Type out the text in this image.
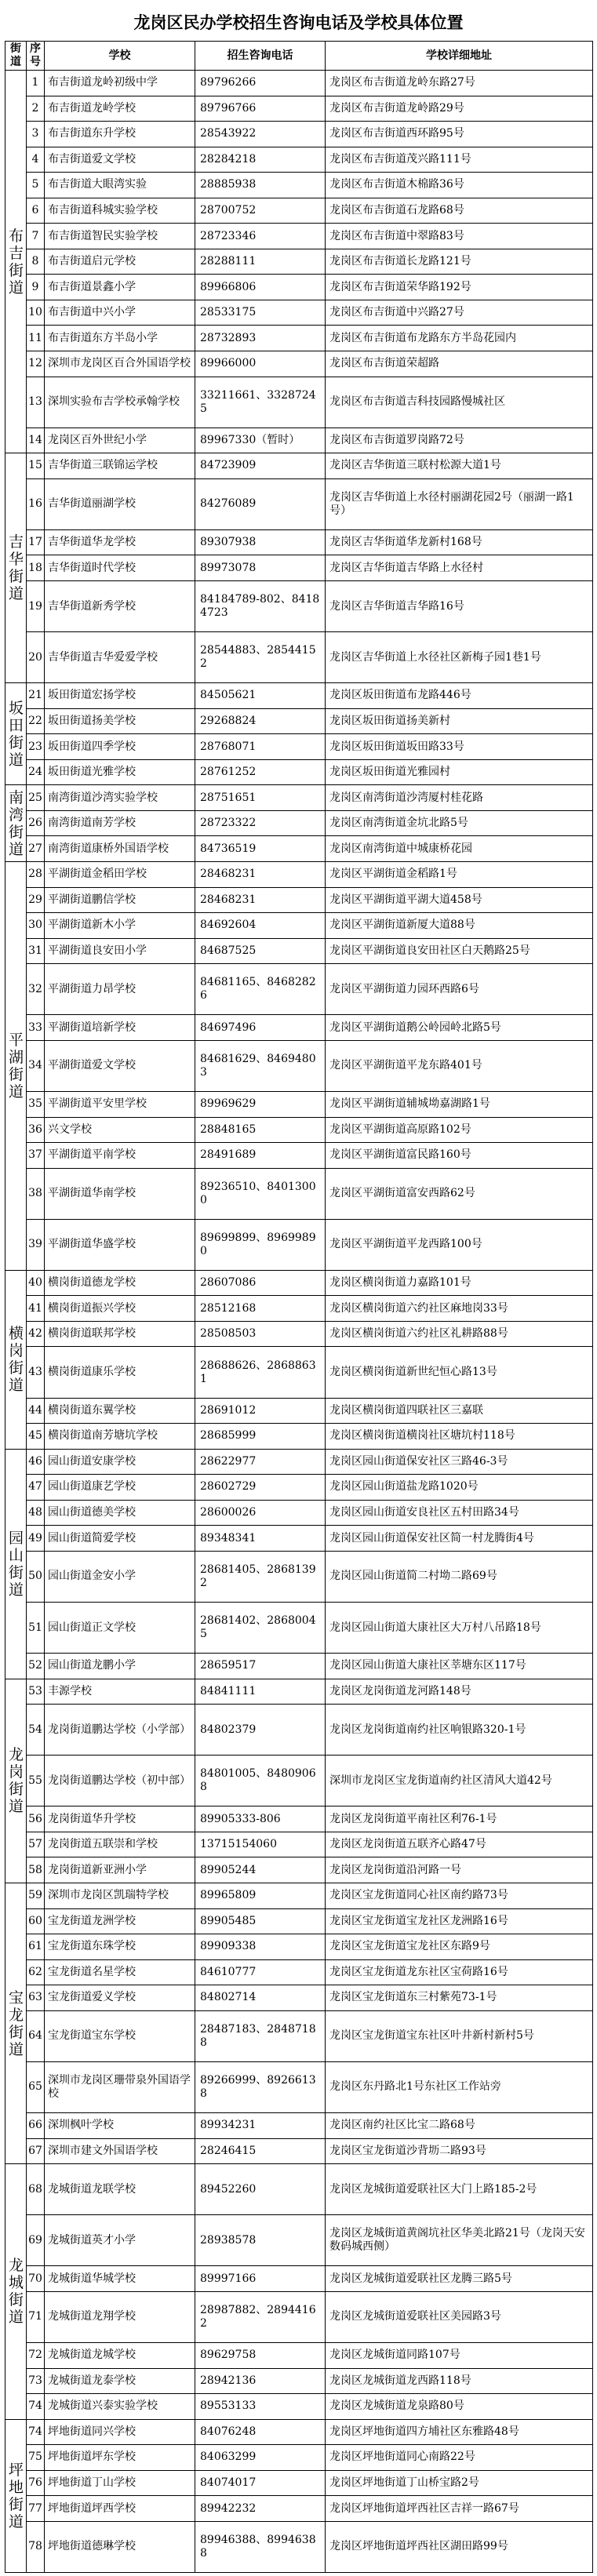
龙岗区民办学校招生咨询电话及学校具体位置
街道	序号	学校	招生咨询电话	学校详细地址
布吉街道	1	布吉街道龙岭初级中学	89796266	龙岗区布吉街道龙岭东路27号
	2	布吉街道龙岭学校	89796766	龙岗区布吉街道龙岭路29号
	3	布吉街道东升学校	28543922	龙岗区布吉街道西环路95号
	4	布吉街道爱文学校	28284218	龙岗区布吉街道茂兴路111号
	5	布吉街道大眼湾实验	28885938	龙岗区布吉街道木棉路36号
	6	布吉街道科城实验学校	28700752	龙岗区布吉街道石龙路68号
	7	布吉街道智民实验学校	28723346	龙岗区布吉街道中翠路83号
	8	布吉街道启元学校	28288111	龙岗区布吉街道长龙路121号
	9	布吉街道景鑫小学	89966806	龙岗区布吉街道荣华路192号
	10	布吉街道中兴小学	28533175	龙岗区布吉街道中兴路27号
	11	布吉街道东方半岛小学	28732893	龙岗区布吉街道布龙路东方半岛花园内
	12	深圳市龙岗区百合外国语学校	89966000	龙岗区布吉街道荣超路
	13	深圳实验布吉学校承翰学校	33211661、33287245	龙岗区布吉街道吉科技园路慢城社区
	14	龙岗区百外世纪小学	89967330（暂时）	龙岗区布吉街道罗岗路72号
吉华街道	15	吉华街道三联锦运学校	84723909	龙岗区吉华街道三联村松源大道1号
	16	吉华街道丽湖学校	84276089	龙岗区吉华街道上水径村丽湖花园2号（丽湖一路1号）
	17	吉华街道华龙学校	89307938	龙岗区吉华街道华龙新村168号
	18	吉华街道时代学校	89973078	龙岗区吉华街道吉华路上水径村
	19	吉华街道新秀学校	84184789-802、84184723	龙岗区吉华街道吉华路16号
	20	吉华街道吉华爱爱学校	28544883、28544152	龙岗区吉华街道上水径社区新梅子园1巷1号
坂田街道	21	坂田街道宏扬学校	84505621	龙岗区坂田街道布龙路446号
	22	坂田街道扬美学校	29268824	龙岗区坂田街道扬美新村
	23	坂田街道四季学校	28768071	龙岗区坂田街道坂田路33号
	24	坂田街道光雅学校	28761252	龙岗区坂田街道光雅园村
南湾街道	25	南湾街道沙湾实验学校	28751651	龙岗区南湾街道沙湾厦村桂花路
	26	南湾街道南芳学校	28723322	龙岗区南湾街道金坑北路5号
	27	南湾街道康桥外国语学校	84736519	龙岗区南湾街道中城康桥花园
平湖街道	28	平湖街道金稻田学校	28468231	龙岗区平湖街道金稻路1号
	29	平湖街道鹏信学校	28468231	龙岗区平湖街道平湖大道458号
	30	平湖街道新木小学	84692604	龙岗区平湖街道新厦大道88号
	31	平湖街道良安田小学	84687525	龙岗区平湖街道良安田社区白天鹅路25号
	32	平湖街道力昂学校	84681165、84682826	龙岗区平湖街道力园环西路6号
	33	平湖街道培新学校	84697496	龙岗区平湖街道鹅公岭园岭北路5号
	34	平湖街道爱文学校	84681629、84694803	龙岗区平湖街道平龙东路401号
	35	平湖街道平安里学校	89969629	龙岗区平湖街道辅城坳嘉湖路1号
	36	兴文学校	28848165	龙岗区平湖街道高原路102号
	37	平湖街道平南学校	28491689	龙岗区平湖街道富民路160号
	38	平湖街道华南学校	89236510、84013000	龙岗区平湖街道富安西路62号
	39	平湖街道华盛学校	89699899、89699890	龙岗区平湖街道平龙西路100号
横岗街道	40	横岗街道德龙学校	28607086	龙岗区横岗街道力嘉路101号
	41	横岗街道振兴学校	28512168	龙岗区横岗街道六约社区麻地岗33号
	42	横岗街道联邦学校	28508503	龙岗区横岗街道六约社区礼耕路88号
	43	横岗街道康乐学校	28688626、28688631	龙岗区横岗街道新世纪恒心路13号
	44	横岗街道东翼学校	28691012	龙岗区横岗街道四联社区三嘉联
	45	横岗街道南芳塘坑学校	28685999	龙岗区横岗街道横岗社区塘坑村118号
园山街道	46	园山街道安康学校	28622977	龙岗区园山街道保安社区三路46-3号
	47	园山街道康艺学校	28602729	龙岗区园山街道盐龙路1020号
	48	园山街道德美学校	28600026	龙岗区园山街道安良社区五村田路34号
	49	园山街道简爱学校	89348341	龙岗区园山街道保安社区简一村龙腾街4号
	50	园山街道金安小学	28681405、28681392	龙岗区园山街道简二村坳二路69号
	51	园山街道正文学校	28681402、28680045	龙岗区园山街道大康社区大万村八吊路18号
	52	园山街道龙鹏小学	28659517	龙岗区园山街道大康社区莘塘东区117号
龙岗街道	53	丰源学校	84841111	龙岗区龙岗街道龙河路148号
	54	龙岗街道鹏达学校（小学部）	84802379	龙岗区龙岗街道南约社区响银路320-1号
	55	龙岗街道鹏达学校（初中部）	84801005、84809068	深圳市龙岗区宝龙街道南约社区清风大道42号
	56	龙岗街道华升学校	89905333-806	龙岗区龙岗街道平南社区利76-1号
	57	龙岗街道五联崇和学校	13715154060	龙岗区龙岗街道五联齐心路47号
	58	龙岗街道新亚洲小学	89905244	龙岗区龙岗街道沿河路一号
宝龙街道	59	深圳市龙岗区凯瑞特学校	89965809	龙岗区宝龙街道同心社区南约路73号
	60	宝龙街道龙洲学校	89905485	龙岗区宝龙街道宝龙社区龙洲路16号
	61	宝龙街道东珠学校	89909338	龙岗区宝龙街道宝龙社区东路9号
	62	宝龙街道名星学校	84610777	龙岗区宝龙街道龙东社区宝荷路16号
	63	宝龙街道爱义学校	84802714	龙岗区宝龙街道东三村紫苑73-1号
	64	宝龙街道宝东学校	28487183、28487188	龙岗区宝龙街道宝东社区叶井新村新村5号
	65	深圳市龙岗区珊带泉外国语学校	89266999、89266138	龙岗区东丹路北1号东社区工作站旁
	66	深圳枫叶学校	89934231	龙岗区南约社区比宝二路68号
	67	深圳市建文外国语学校	28246415	龙岗区宝龙街道沙背坜二路93号
龙城街道	68	龙城街道龙联学校	89452260	龙岗区龙城街道爱联社区大门上路185-2号
	69	龙城街道英才小学	28938578	龙岗区龙城街道黄阁坑社区华美北路21号（龙岗天安数码城西侧）
	70	龙城街道华城学校	89997166	龙岗区龙城街道爱联社区龙腾三路5号
	71	龙城街道龙翔学校	28987882、28944162	龙岗区龙城街道爱联社区美园路3号
	72	龙城街道龙城学校	89629758	龙岗区龙城街道同路107号
	73	龙城街道龙泰学校	28942136	龙岗区龙城街道龙西路118号
	74	龙城街道兴泰实验学校	89553133	龙岗区龙城街道龙泉路80号
坪地街道	74	坪地街道同兴学校	84076248	龙岗区坪地街道四方埔社区东雅路48号
	75	坪地街道坪东学校	84063299	龙岗区坪地街道同心南路22号
	76	坪地街道丁山学校	84074017	龙岗区坪地街道丁山桥宝路2号
	77	坪地街道坪西学校	89942232	龙岗区坪地街道坪西社区吉祥一路67号
	78	坪地街道德琳学校	89946388、89946388	龙岗区坪地街道坪西社区湖田路99号
